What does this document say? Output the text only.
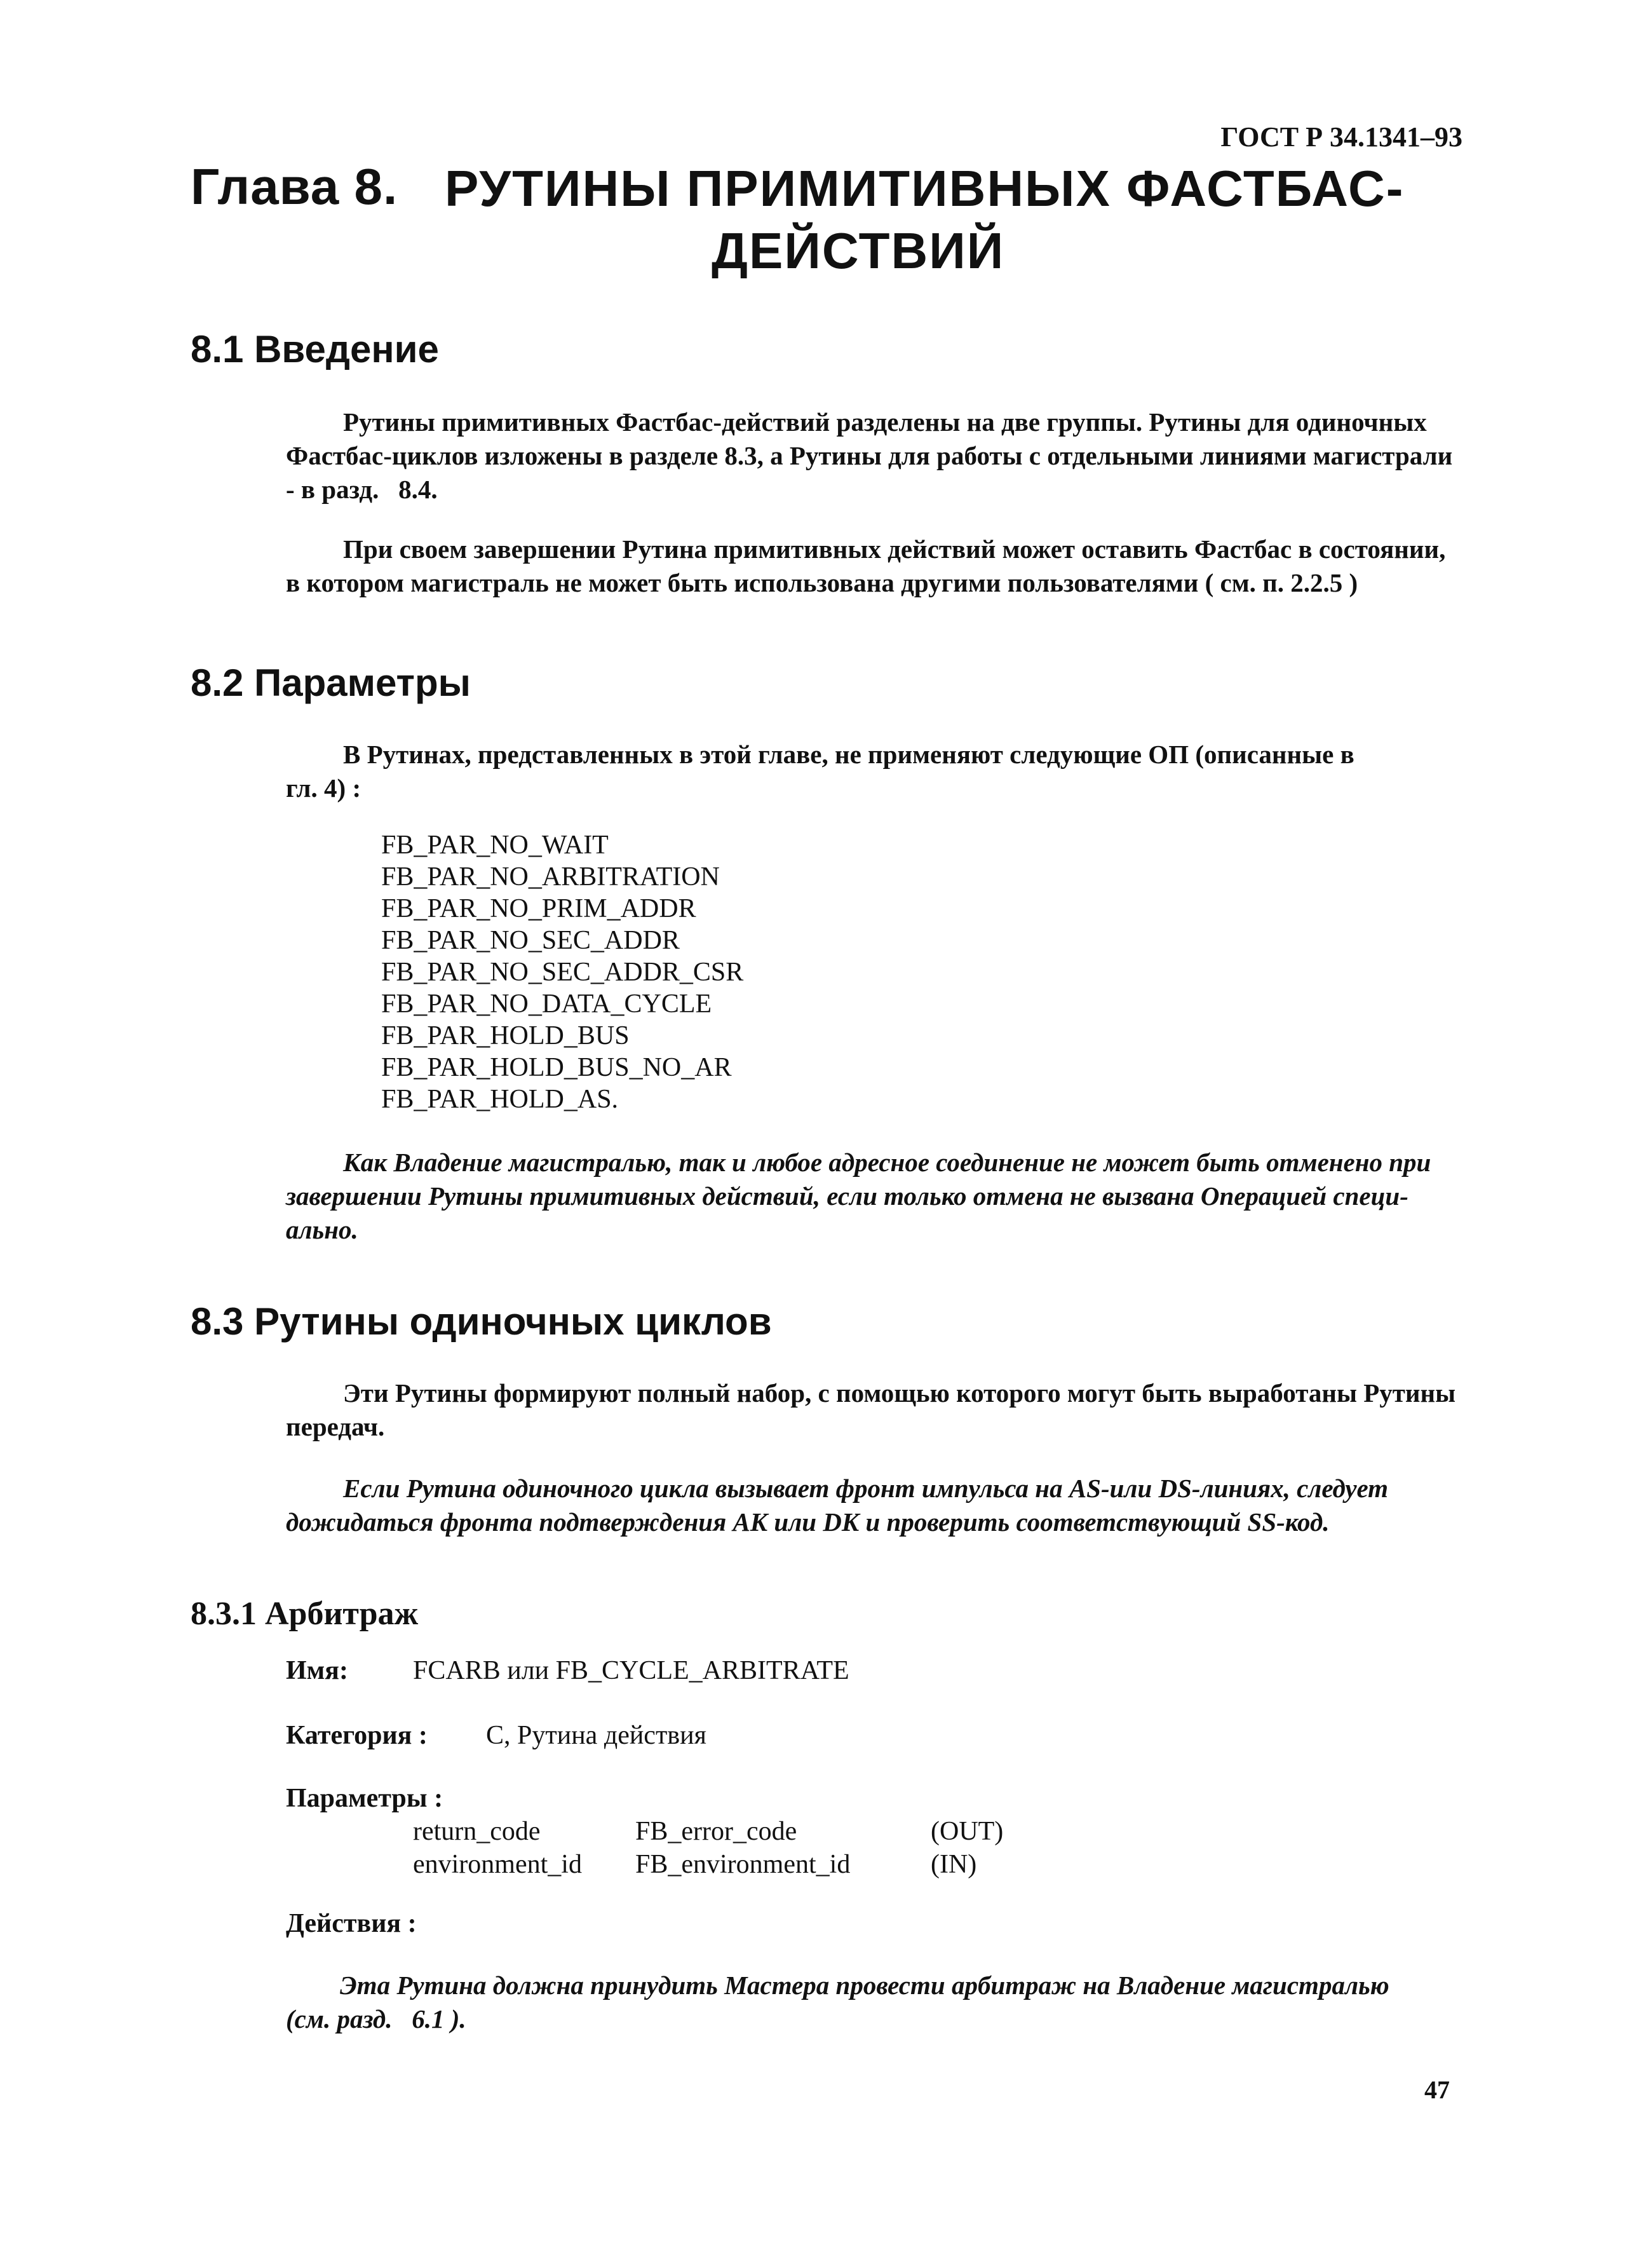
ГОСТ Р 34.1341–93
Глава 8. РУТИНЫ ПРИМИТИВНЫХ ФАСТБАС-
ДЕЙСТВИЙ
8.1 Введение
Рутины примитивных Фастбас-действий разделены на две группы. Рутины для одиночных
Фастбас-циклов изложены в разделе 8.3, а Рутины для работы с отдельными линиями магистрали
- в разд.   8.4.
При своем завершении Рутина примитивных действий может оставить Фастбас в состоянии,
в котором магистраль не может быть использована другими пользователями ( см. п. 2.2.5 )
8.2 Параметры
В Рутинах, представленных в этой главе, не применяют следующие ОП (описанные в
гл. 4) :
FB_PAR_NO_WAIT
FB_PAR_NO_ARBITRATION
FB_PAR_NO_PRIM_ADDR
FB_PAR_NO_SEC_ADDR
FB_PAR_NO_SEC_ADDR_CSR
FB_PAR_NO_DATA_CYCLE
FB_PAR_HOLD_BUS
FB_PAR_HOLD_BUS_NO_AR
FB_PAR_HOLD_AS.
Как Владение магистралью, так и любое адресное соединение не может быть отменено при
завершении Рутины примитивных действий, если только отмена не вызвана Операцией специ-
ально.
8.3 Рутины одиночных циклов
Эти Рутины формируют полный набор, с помощью которого могут быть выработаны Рутины
передач.
Если Рутина одиночного цикла вызывает фронт импульса на AS-или DS-линиях, следует
дожидаться фронта подтверждения AK или DK и проверить соответствующий SS-код.
8.3.1 Арбитраж
Имя: FCARB или FB_CYCLE_ARBITRATE
Категория : С, Рутина действия
Параметры :
return_code	FB_error_code	(OUT)
environment_id	FB_environment_id	(IN)
Действия :
Эта Рутина должна принудить Мастера провести арбитраж на Владение магистралью
(см. разд.   6.1 ).
47
